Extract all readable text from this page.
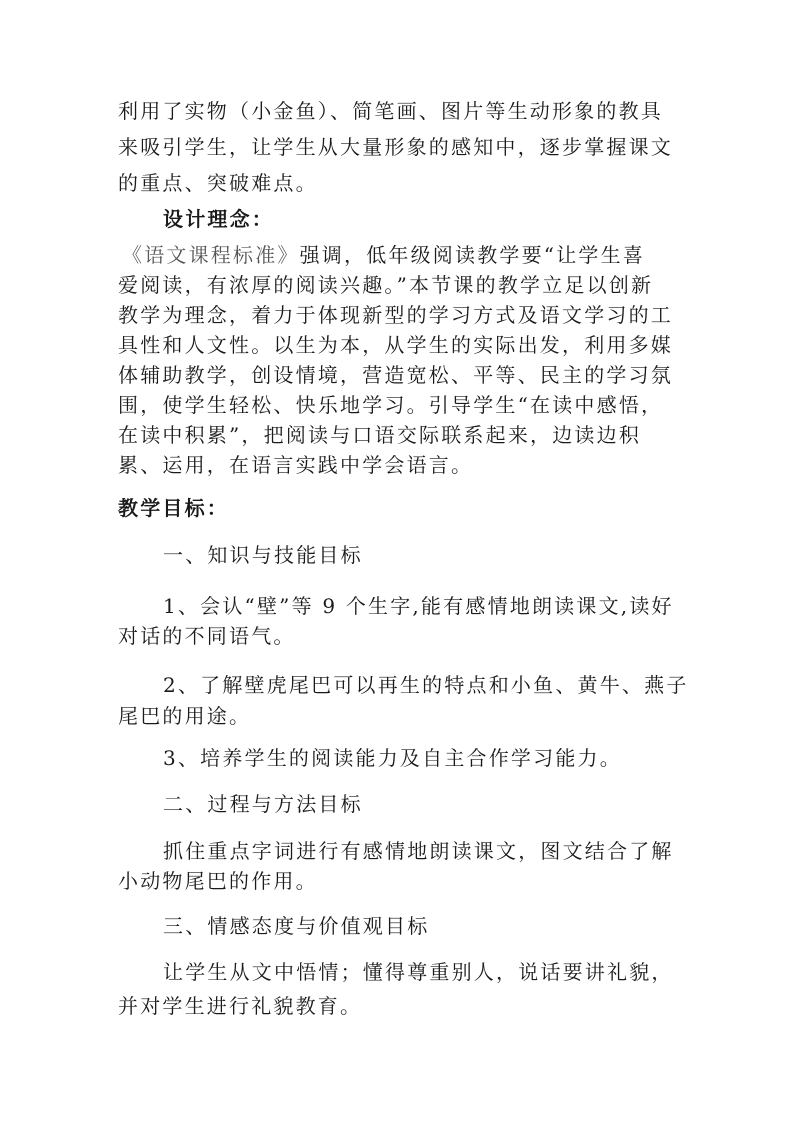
利用了实物（小金鱼）、简笔画、图片等生动形象的教具
来吸引学生，让学生从大量形象的感知中，逐步掌握课文
的重点、突破难点。
设计理念：
《语文课程标准》强调，低年级阅读教学要“让学生喜
爱阅读，有浓厚的阅读兴趣。”本节课的教学立足以创新
教学为理念，着力于体现新型的学习方式及语文学习的工
具性和人文性。以生为本，从学生的实际出发，利用多媒
体辅助教学，创设情境，营造宽松、平等、民主的学习氛
围，使学生轻松、快乐地学习。引导学生“在读中感悟，
在读中积累”，把阅读与口语交际联系起来，边读边积
累、运用，在语言实践中学会语言。
教学目标：
一、知识与技能目标
1、会认“壁”等 9 个生字,能有感情地朗读课文,读好
对话的不同语气。
2、了解壁虎尾巴可以再生的特点和小鱼、黄牛、燕子
尾巴的用途。
3、培养学生的阅读能力及自主合作学习能力。
二、过程与方法目标
抓住重点字词进行有感情地朗读课文，图文结合了解
小动物尾巴的作用。
三、情感态度与价值观目标
让学生从文中悟情；懂得尊重别人，说话要讲礼貌，
并对学生进行礼貌教育。
